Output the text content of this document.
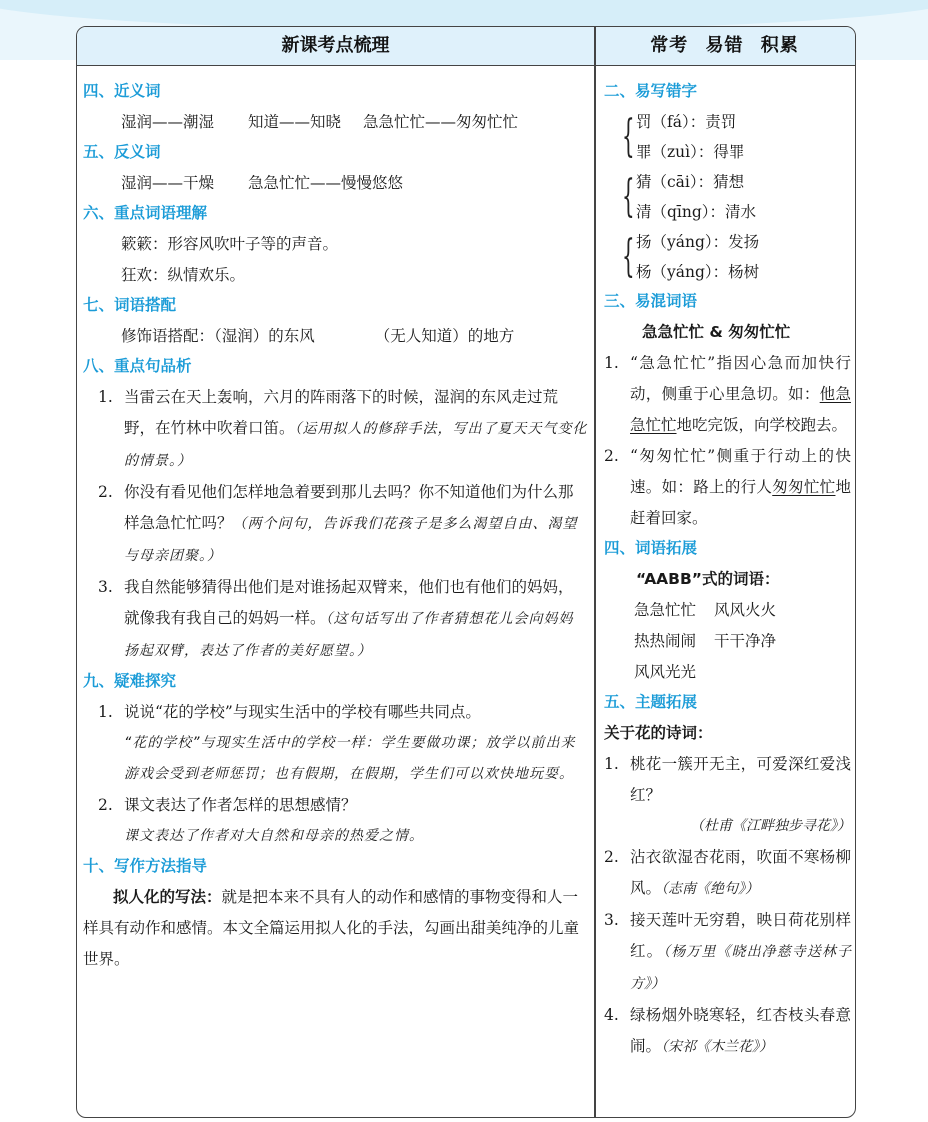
新课考点梳理	常考 易错 积累
四、近义词
湿润——潮湿 知道——知晓 急急忙忙——匆匆忙忙
五、反义词
湿润——干燥 急急忙忙——慢慢悠悠
六、重点词语理解
簌簌：形容风吹叶子等的声音。
狂欢：纵情欢乐。
七、词语搭配
修饰语搭配：（湿润）的东风	（无人知道）的地方
八、重点句品析
1. 当雷云在天上轰响，六月的阵雨落下的时候，湿润的东风走过荒野，在竹林中吹着口笛。（运用拟人的修辞手法，写出了夏天天气变化的情景。）
2. 你没有看见他们怎样地急着要到那儿去吗？你不知道他们为什么那样急急忙忙吗？（两个问句，告诉我们花孩子是多么渴望自由、渴望与母亲团聚。）
3. 我自然能够猜得出他们是对谁扬起双臂来，他们也有他们的妈妈，就像我有我自己的妈妈一样。（这句话写出了作者猜想花儿会向妈妈扬起双臂，表达了作者的美好愿望。）
九、疑难探究
1. 说说“花的学校”与现实生活中的学校有哪些共同点。
“花的学校”与现实生活中的学校一样：学生要做功课；放学以前出来游戏会受到老师惩罚；也有假期，在假期，学生们可以欢快地玩耍。
2. 课文表达了作者怎样的思想感情？
课文表达了作者对大自然和母亲的热爱之情。
十、写作方法指导
拟人化的写法：就是把本来不具有人的动作和感情的事物变得和人一样具有动作和感情。本文全篇运用拟人化的手法，勾画出甜美纯净的儿童世界。
二、易写错字
{ 罚（fá）：责罚
罪（zuì）：得罪
{ 猜（cāi）：猜想
清（qīng）：清水
{ 扬（yáng）：发扬
杨（yáng）：杨树
三、易混词语
急急忙忙 & 匆匆忙忙
1. “急急忙忙”指因心急而加快行动，侧重于心里急切。如：他急急忙忙地吃完饭，向学校跑去。
2. “匆匆忙忙”侧重于行动上的快速。如：路上的行人匆匆忙忙地赶着回家。
四、词语拓展
“AABB”式的词语：
急急忙忙 风风火火
热热闹闹 干干净净
风风光光
五、主题拓展
关于花的诗词：
1. 桃花一簇开无主，可爱深红爱浅红？
（杜甫《江畔独步寻花》）
2. 沾衣欲湿杏花雨，吹面不寒杨柳风。（志南《绝句》）
3. 接天莲叶无穷碧，映日荷花别样红。（杨万里《晓出净慈寺送林子方》）
4. 绿杨烟外晓寒轻，红杏枝头春意闹。（宋祁《木兰花》）
